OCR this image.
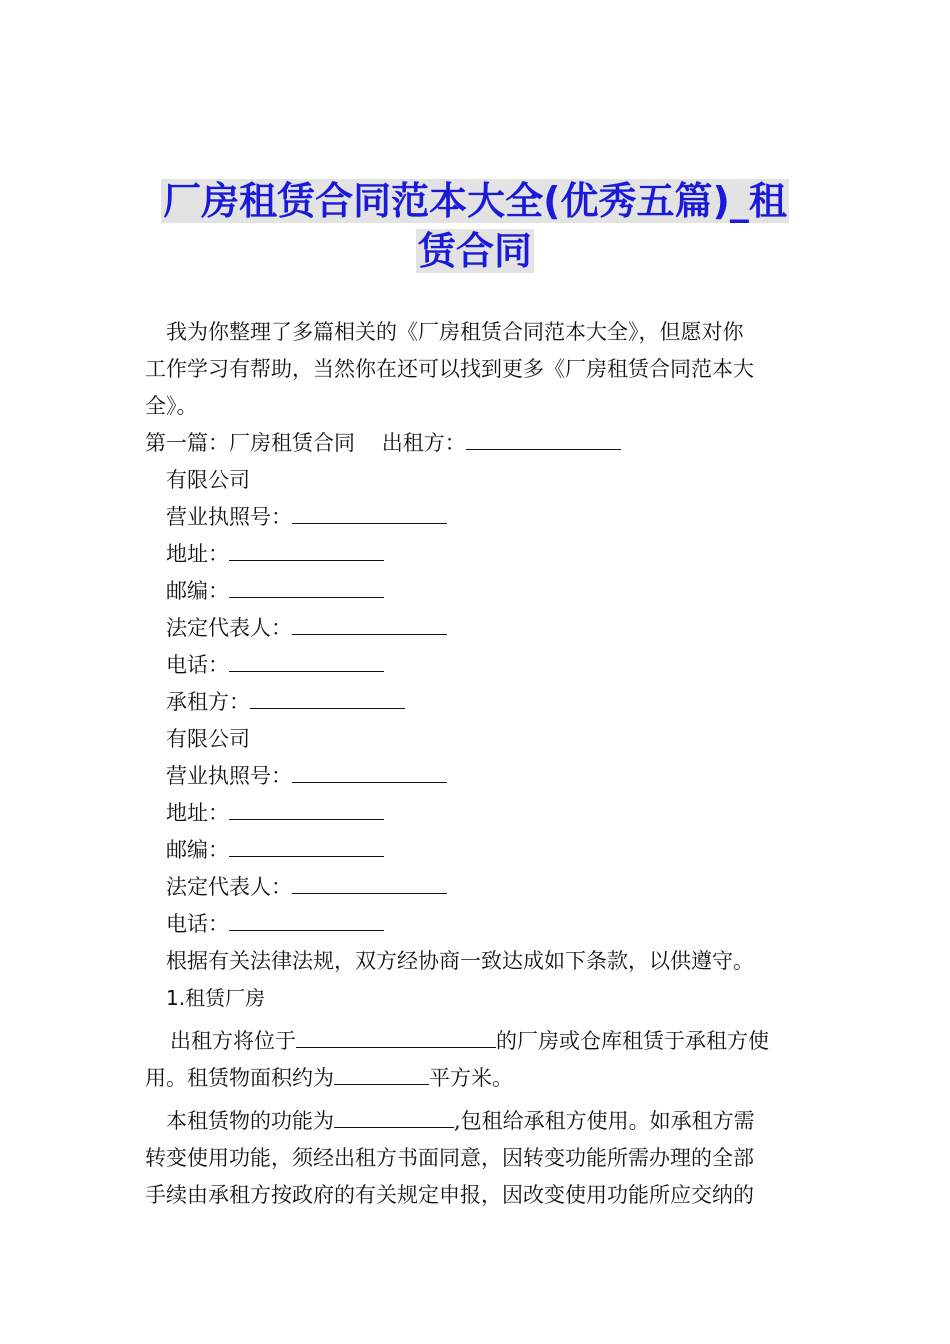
厂房租赁合同范本大全(优秀五篇)_租
赁合同

我为你整理了多篇相关的《厂房租赁合同范本大全》，但愿对你

工作学习有帮助，当然你在还可以找到更多《厂房租赁合同范本大

全》。

第一篇：厂房租赁合同 出租方：

有限公司

营业执照号：

地址：

邮编：

法定代表人：

电话：

承租方：

有限公司

营业执照号：

地址：

邮编：

法定代表人：

电话：

根据有关法律法规，双方经协商一致达成如下条款，以供遵守。

1.租赁厂房

出租方将位于	的厂房或仓库租赁于承租方使

用。租赁物面积约为	平方米。

本租赁物的功能为	,包租给承租方使用。如承租方需

转变使用功能，须经出租方书面同意，因转变功能所需办理的全部

手续由承租方按政府的有关规定申报，因改变使用功能所应交纳的
